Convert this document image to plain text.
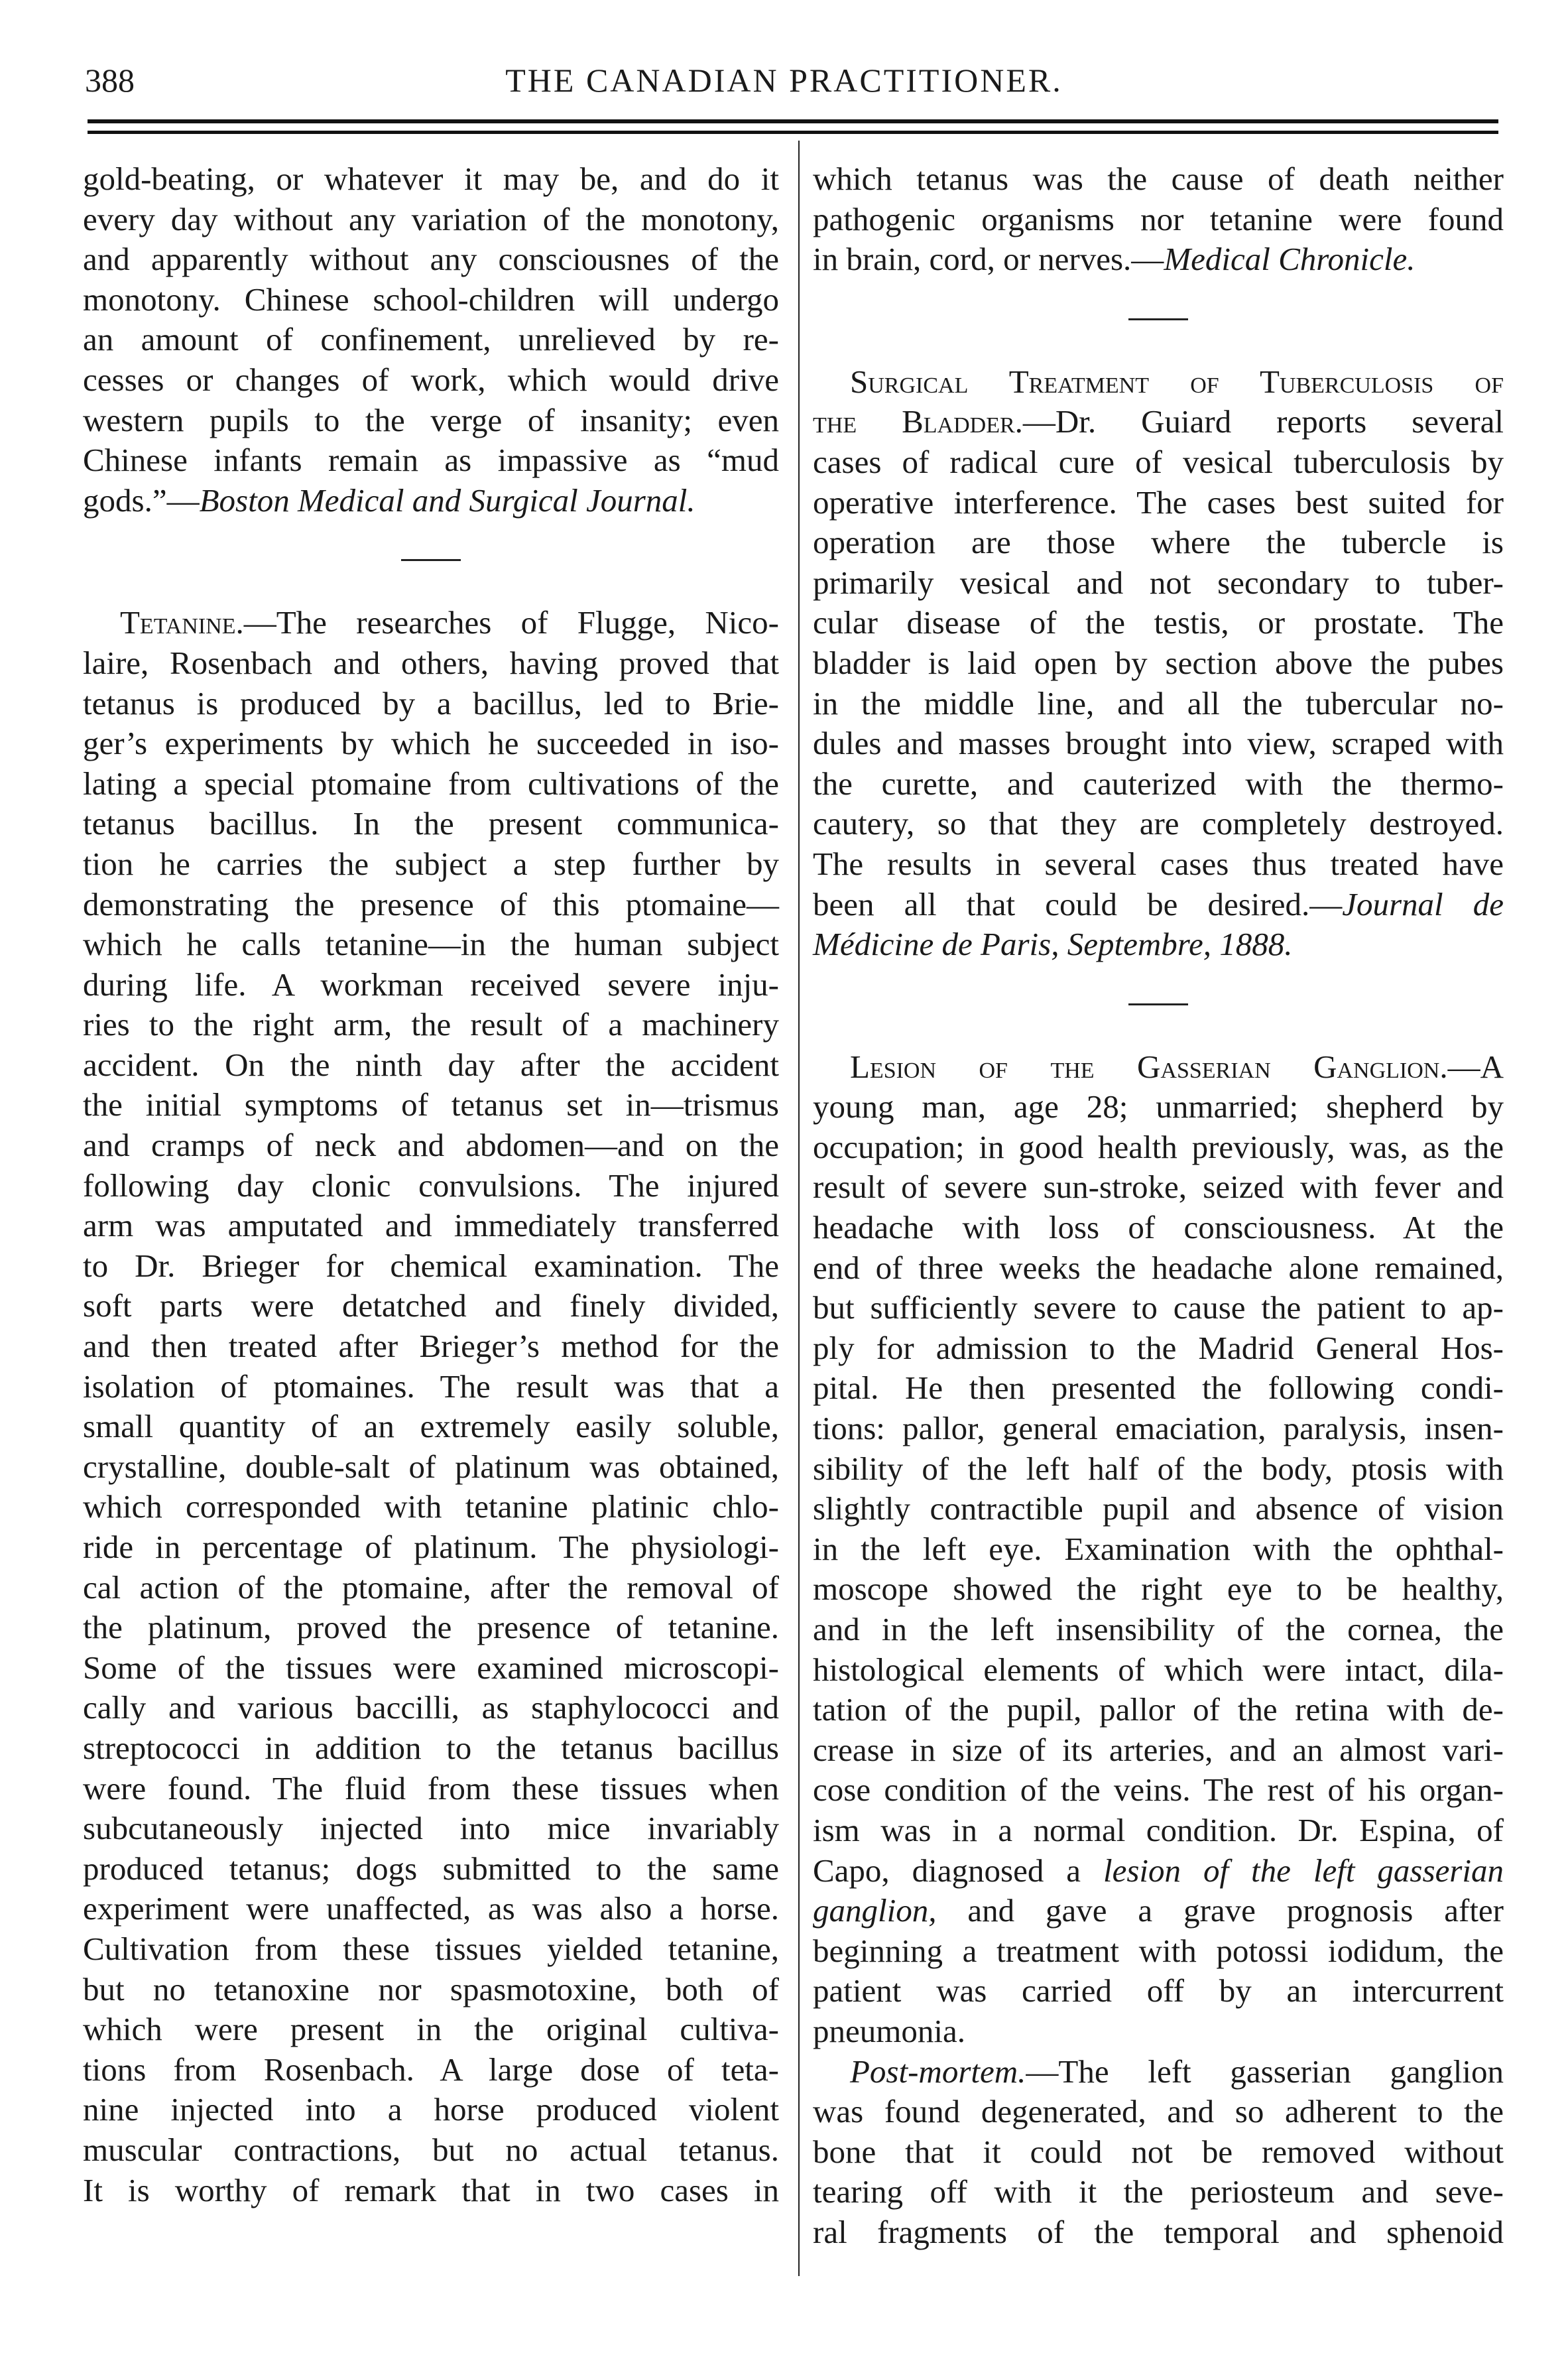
388	THE CANADIAN PRACTITIONER.
gold-beating, or whatever it may be, and do it
every day without any variation of the monotony,
and apparently without any consciousnes of the
monotony. Chinese school-children will undergo
an amount of confinement, unrelieved by re-
cesses or changes of work, which would drive
western pupils to the verge of insanity; even
Chinese infants remain as impassive as “mud
gods.”—Boston Medical and Surgical Journal.
Tetanine.—The researches of Flugge, Nico-
laire, Rosenbach and others, having proved that
tetanus is produced by a bacillus, led to Brie-
ger’s experiments by which he succeeded in iso-
lating a special ptomaine from cultivations of the
tetanus bacillus. In the present communica-
tion he carries the subject a step further by
demonstrating the presence of this ptomaine—
which he calls tetanine—in the human subject
during life. A workman received severe inju-
ries to the right arm, the result of a machinery
accident. On the ninth day after the accident
the initial symptoms of tetanus set in—trismus
and cramps of neck and abdomen—and on the
following day clonic convulsions. The injured
arm was amputated and immediately transferred
to Dr. Brieger for chemical examination. The
soft parts were detatched and finely divided,
and then treated after Brieger’s method for the
isolation of ptomaines. The result was that a
small quantity of an extremely easily soluble,
crystalline, double-salt of platinum was obtained,
which corresponded with tetanine platinic chlo-
ride in percentage of platinum. The physiologi-
cal action of the ptomaine, after the removal of
the platinum, proved the presence of tetanine.
Some of the tissues were examined microscopi-
cally and various baccilli, as staphylococci and
streptococci in addition to the tetanus bacillus
were found. The fluid from these tissues when
subcutaneously injected into mice invariably
produced tetanus; dogs submitted to the same
experiment were unaffected, as was also a horse.
Cultivation from these tissues yielded tetanine,
but no tetanoxine nor spasmotoxine, both of
which were present in the original cultiva-
tions from Rosenbach. A large dose of teta-
nine injected into a horse produced violent
muscular contractions, but no actual tetanus.
It is worthy of remark that in two cases in
which tetanus was the cause of death neither
pathogenic organisms nor tetanine were found
in brain, cord, or nerves.—Medical Chronicle.
Surgical Treatment of Tuberculosis of
the Bladder.—Dr. Guiard reports several
cases of radical cure of vesical tuberculosis by
operative interference. The cases best suited for
operation are those where the tubercle is
primarily vesical and not secondary to tuber-
cular disease of the testis, or prostate. The
bladder is laid open by section above the pubes
in the middle line, and all the tubercular no-
dules and masses brought into view, scraped with
the curette, and cauterized with the thermo-
cautery, so that they are completely destroyed.
The results in several cases thus treated have
been all that could be desired.—Journal de
Médicine de Paris, Septembre, 1888.
Lesion of the Gasserian Ganglion.—A
young man, age 28; unmarried; shepherd by
occupation; in good health previously, was, as the
result of severe sun-stroke, seized with fever and
headache with loss of consciousness. At the
end of three weeks the headache alone remained,
but sufficiently severe to cause the patient to ap-
ply for admission to the Madrid General Hos-
pital. He then presented the following condi-
tions: pallor, general emaciation, paralysis, insen-
sibility of the left half of the body, ptosis with
slightly contractible pupil and absence of vision
in the left eye. Examination with the ophthal-
moscope showed the right eye to be healthy,
and in the left insensibility of the cornea, the
histological elements of which were intact, dila-
tation of the pupil, pallor of the retina with de-
crease in size of its arteries, and an almost vari-
cose condition of the veins. The rest of his organ-
ism was in a normal condition. Dr. Espina, of
Capo, diagnosed a lesion of the left gasserian
ganglion, and gave a grave prognosis after
beginning a treatment with potossi iodidum, the
patient was carried off by an intercurrent
pneumonia.
Post-mortem.—The left gasserian ganglion
was found degenerated, and so adherent to the
bone that it could not be removed without
tearing off with it the periosteum and seve-
ral fragments of the temporal and sphenoid
